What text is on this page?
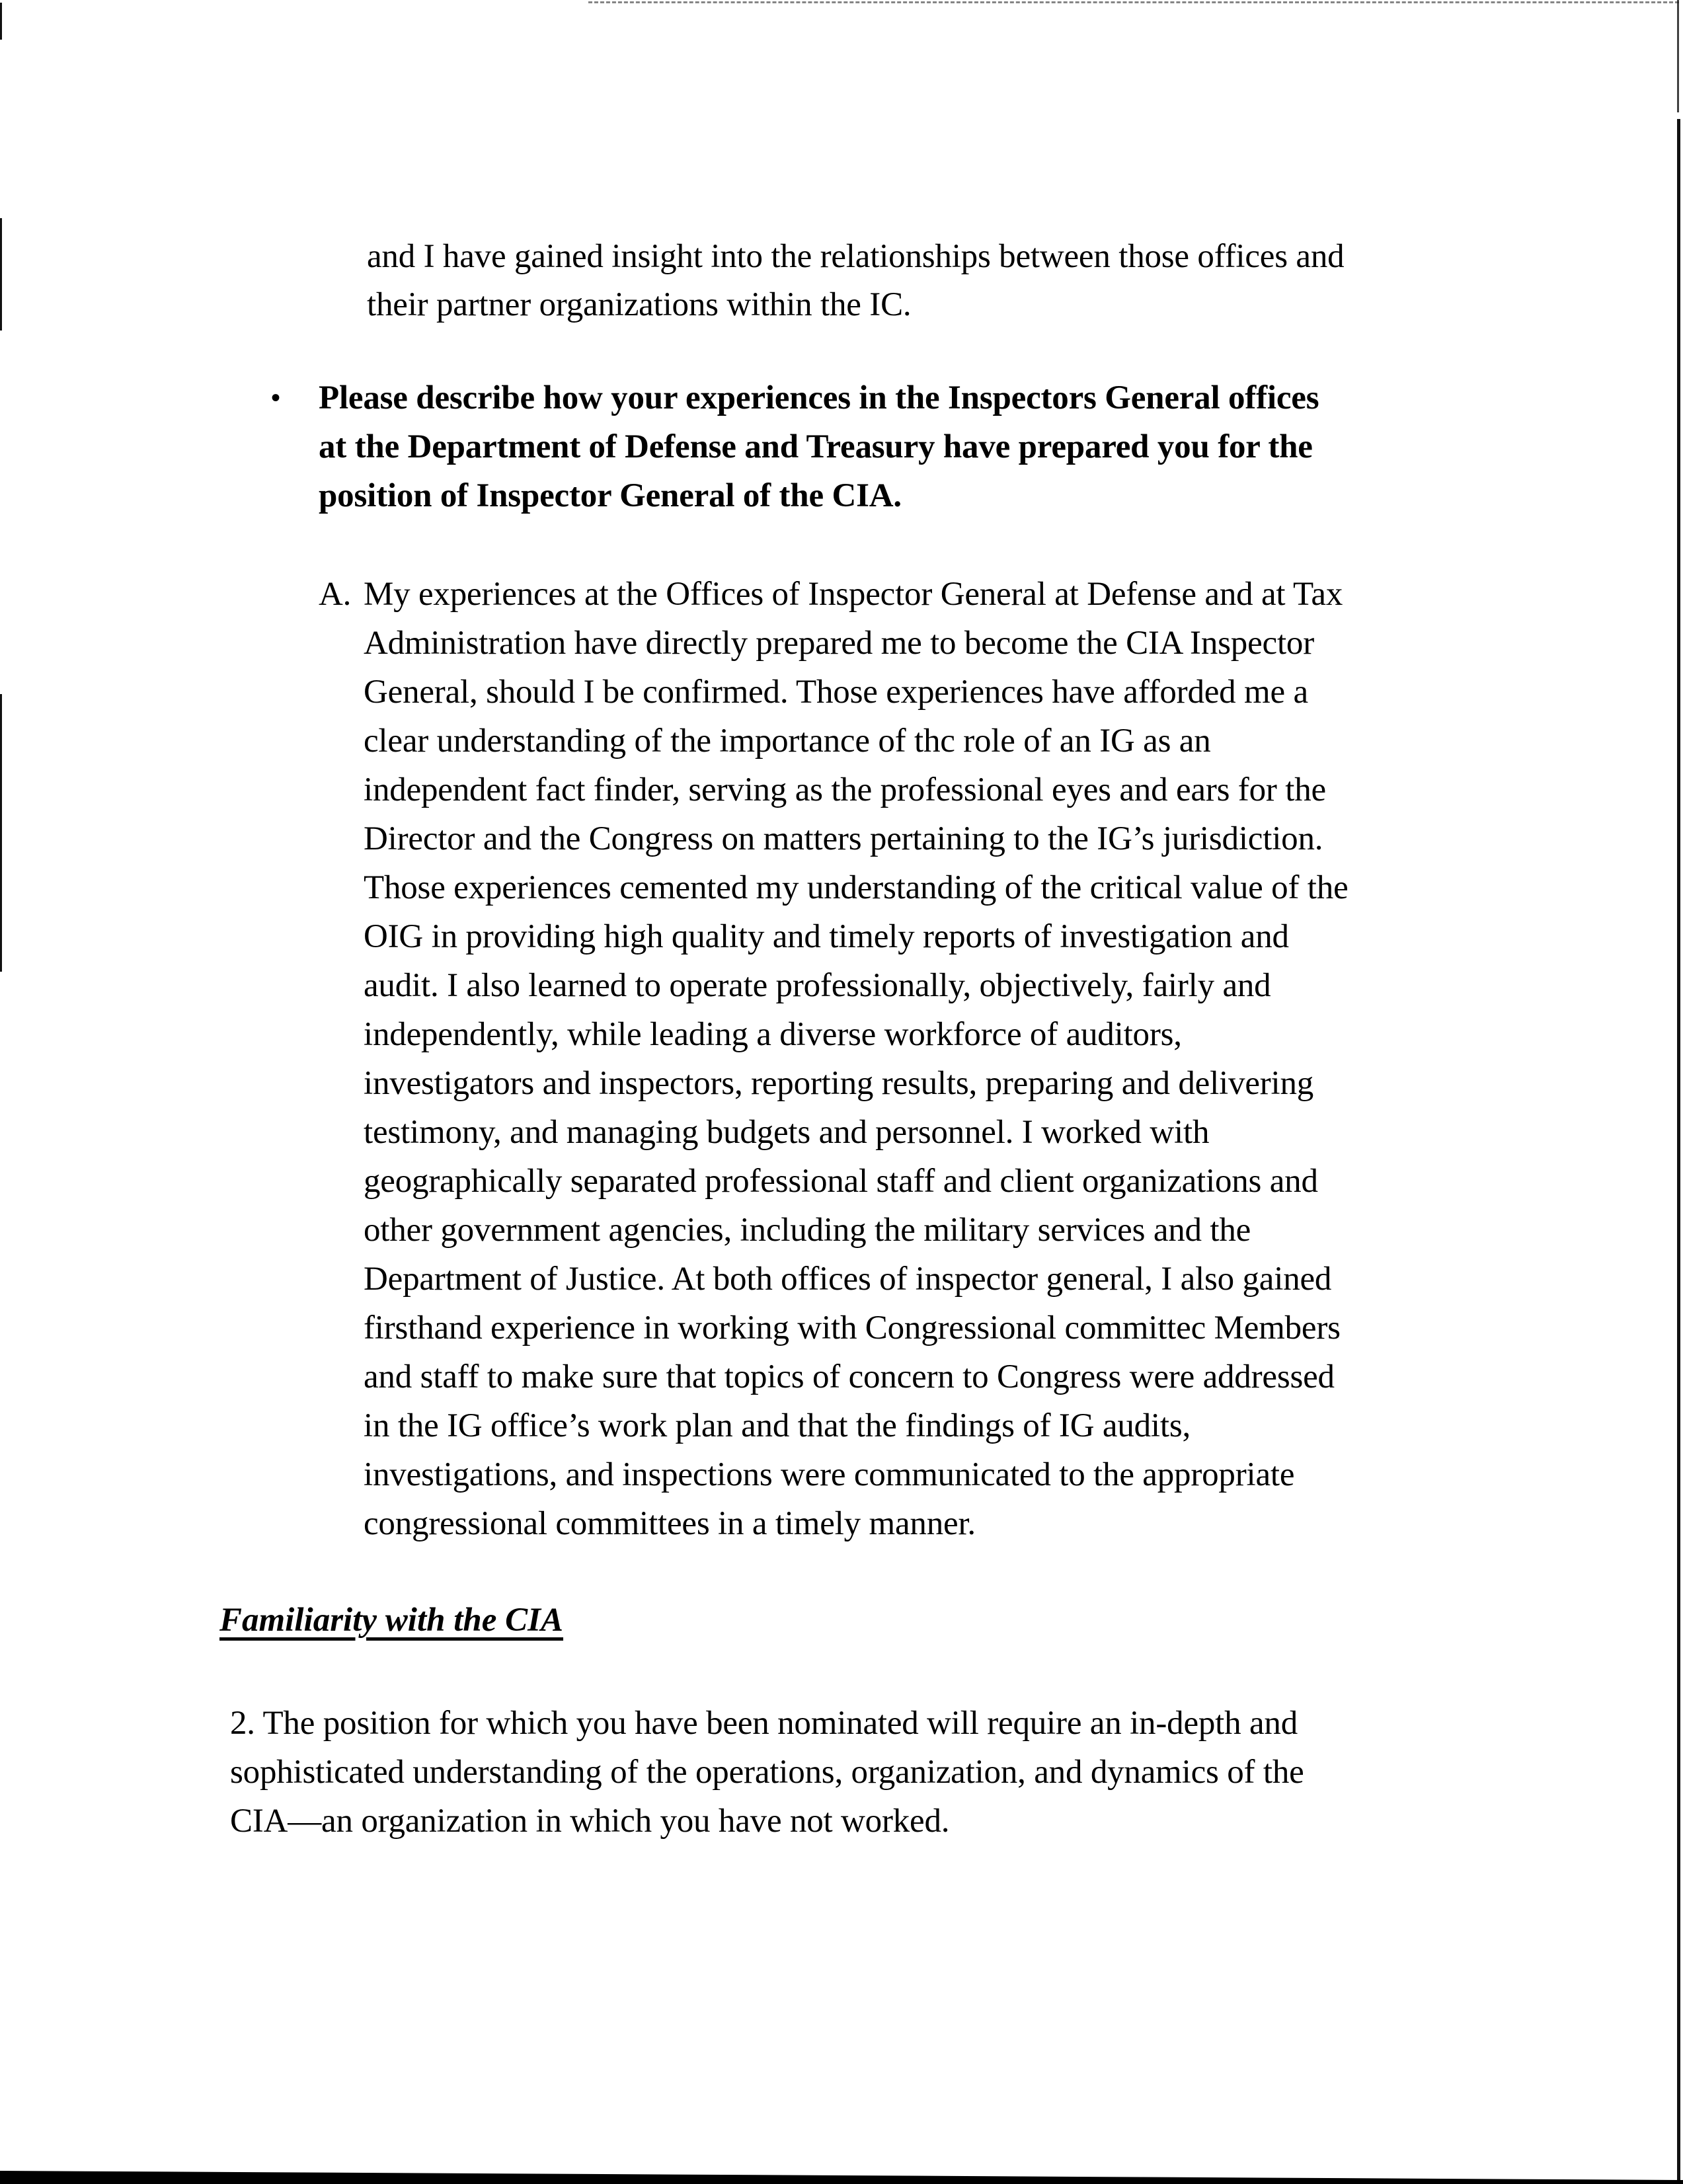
and I have gained insight into the relationships between those offices and
their partner organizations within the IC.
• Please describe how your experiences in the Inspectors General offices
at the Department of Defense and Treasury have prepared you for the
position of Inspector General of the CIA.
A. My experiences at the Offices of Inspector General at Defense and at Tax
Administration have directly prepared me to become the CIA Inspector
General, should I be confirmed. Those experiences have afforded me a
clear understanding of the importance of thc role of an IG as an
independent fact finder, serving as the professional eyes and ears for the
Director and the Congress on matters pertaining to the IG’s jurisdiction.
Those experiences cemented my understanding of the critical value of the
OIG in providing high quality and timely reports of investigation and
audit. I also learned to operate professionally, objectively, fairly and
independently, while leading a diverse workforce of auditors,
investigators and inspectors, reporting results, preparing and delivering
testimony, and managing budgets and personnel. I worked with
geographically separated professional staff and client organizations and
other government agencies, including the military services and the
Department of Justice. At both offices of inspector general, I also gained
firsthand experience in working with Congressional committec Members
and staff to make sure that topics of concern to Congress were addressed
in the IG office’s work plan and that the findings of IG audits,
investigations, and inspections were communicated to the appropriate
congressional committees in a timely manner.
Familiarity with the CIA
2. The position for which you have been nominated will require an in-depth and
sophisticated understanding of the operations, organization, and dynamics of the
CIA—an organization in which you have not worked.
